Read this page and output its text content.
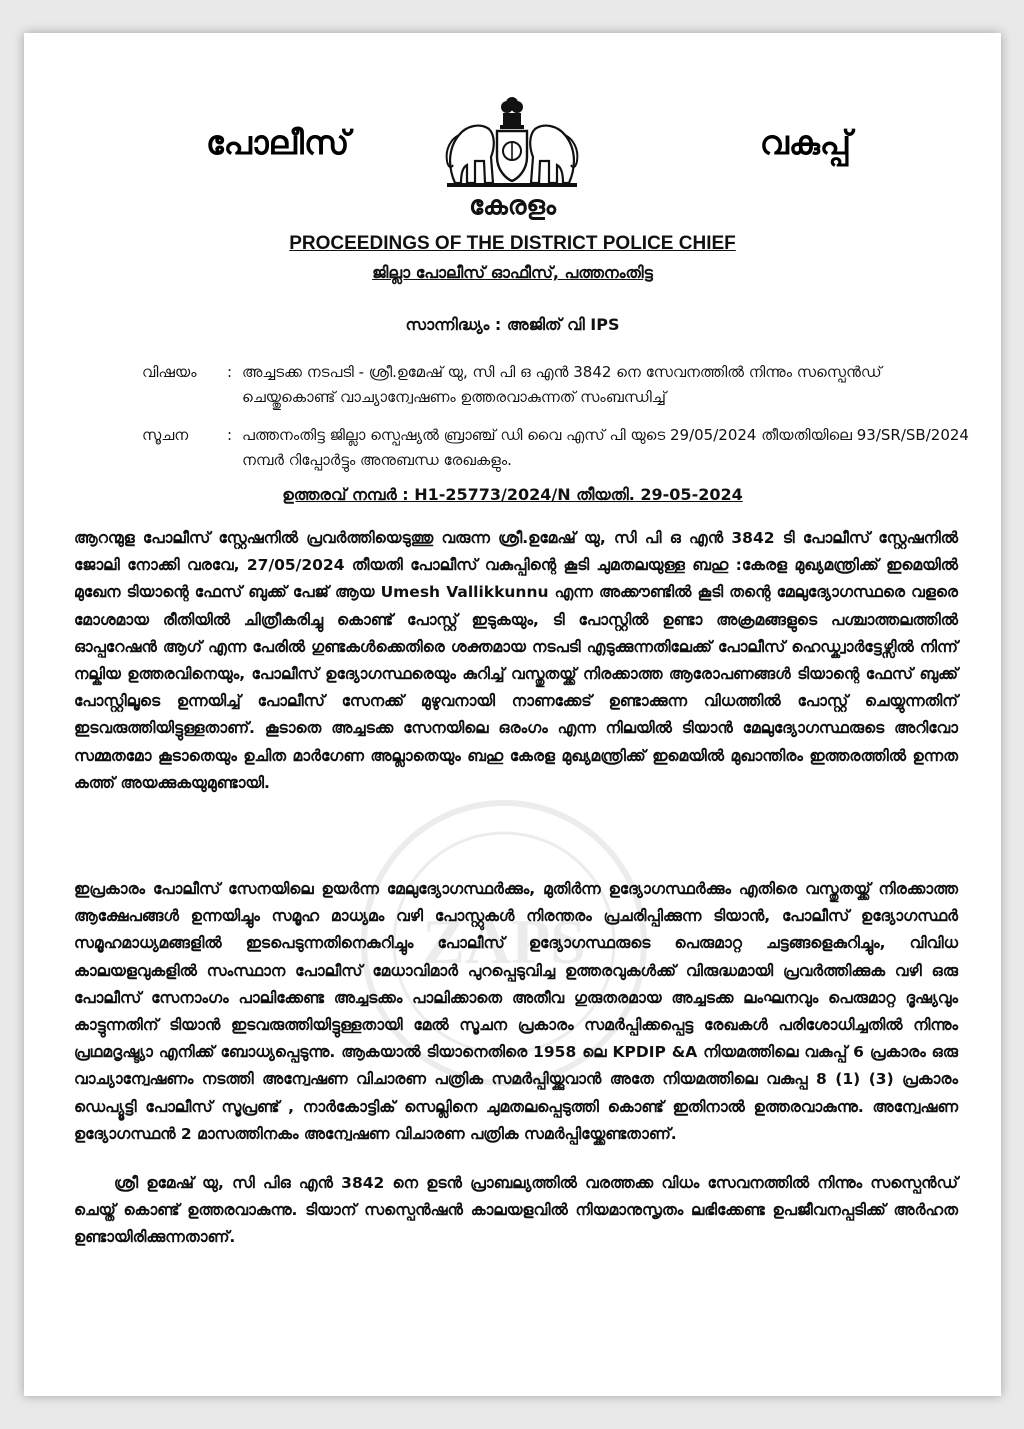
ZAPS
പോലീസ്	വകുപ്പ്
കേരളം
PROCEEDINGS OF THE DISTRICT POLICE CHIEF
ജില്ലാ പോലീസ് ഓഫീസ്, പത്തനംതിട്ട
സാന്നിദ്ധ്യം : അജിത് വി IPS
വിഷയം	: അച്ചടക്ക നടപടി - ശ്രീ.ഉമേഷ് യു, സി പി ഒ എൻ 3842 നെ സേവനത്തിൽ നിന്നും സസ്പെൻഡ് ചെയ്തുകൊണ്ട് വാച്യാന്വേഷണം ഉത്തരവാകുന്നത് സംബന്ധിച്ച്
സൂചന	: പത്തനംതിട്ട ജില്ലാ സ്പെഷ്യൽ ബ്രാഞ്ച് ഡി വൈ എസ് പി യുടെ 29/05/2024 തീയതിയിലെ 93/SR/SB/2024 നമ്പർ റിപ്പോർട്ടും അനുബന്ധ രേഖകളും.
ഉത്തരവ് നമ്പർ : H1-25773/2024/N തീയതി. 29-05-2024

ആറന്മുള പോലീസ് സ്റ്റേഷനിൽ പ്രവർത്തിയെടുത്തു വരുന്ന ശ്രീ.ഉമേഷ് യു, സി പി ഒ എൻ 3842 ടി പോലീസ് സ്റ്റേഷനിൽ ജോലി നോക്കി വരവേ, 27/05/2024 തീയതി പോലീസ് വകുപ്പിന്റെ കൂടി ചുമതലയുള്ള ബഹു :കേരള മുഖ്യമന്ത്രിക്ക് ഇമെയിൽ മുഖേന ടിയാന്റെ ഫേസ് ബുക്ക് പേജ് ആയ Umesh Vallikkunnu എന്ന അക്കൗണ്ടിൽ കൂടി തന്റെ മേലുദ്യോഗസ്ഥരെ വളരെ മോശമായ രീതിയിൽ ചിത്രീകരിച്ചു കൊണ്ട് പോസ്റ്റ് ഇടുകയും, ടി പോസ്റ്റിൽ ഉണ്ടാ അക്രമങ്ങളുടെ പശ്ചാത്തലത്തിൽ ഓപ്പറേഷൻ ആഗ് എന്ന പേരിൽ ഗുണ്ടകൾക്കെതിരെ ശക്തമായ നടപടി എടുക്കുന്നതിലേക്ക് പോലീസ് ഹെഡ്ക്വാർട്ടേഴ്സിൽ നിന്ന് നല്കിയ ഉത്തരവിനെയും, പോലീസ് ഉദ്യോഗസ്ഥരെയും കുറിച്ച് വസ്തുതയ്ക്ക് നിരക്കാത്ത ആരോപണങ്ങൾ ടിയാന്റെ ഫേസ് ബുക്ക് പോസ്റ്റിലൂടെ ഉന്നയിച്ച് പോലീസ് സേനക്ക് മുഴുവനായി നാണക്കേട് ഉണ്ടാക്കുന്ന വിധത്തിൽ പോസ്റ്റ് ചെയ്യുന്നതിന് ഇടവരുത്തിയിട്ടുള്ളതാണ്. കൂടാതെ അച്ചടക്ക സേനയിലെ ഒരംഗം എന്ന നിലയിൽ ടിയാൻ മേലുദ്യോഗസ്ഥരുടെ അറിവോ സമ്മതമോ കൂടാതെയും ഉചിത മാർഗേണ അല്ലാതെയും ബഹു കേരള മുഖ്യമന്ത്രിക്ക് ഇമെയിൽ മുഖാന്തിരം ഇത്തരത്തിൽ ഉന്നത കത്ത് അയക്കുകയുമുണ്ടായി.

ഇപ്രകാരം പോലീസ് സേനയിലെ ഉയർന്ന മേലുദ്യോഗസ്ഥർക്കും, മുതിർന്ന ഉദ്യോഗസ്ഥർക്കും എതിരെ വസ്തുതയ്ക്ക് നിരക്കാത്ത ആക്ഷേപങ്ങൾ ഉന്നയിച്ചും സമൂഹ മാധ്യമം വഴി പോസ്റ്റുകൾ നിരന്തരം പ്രചരിപ്പിക്കുന്ന ടിയാൻ, പോലീസ് ഉദ്യോഗസ്ഥർ സമൂഹമാധ്യമങ്ങളിൽ ഇടപെടുന്നതിനെകുറിച്ചും പോലീസ് ഉദ്യോഗസ്ഥരുടെ പെരുമാറ്റ ചട്ടങ്ങളെകുറിച്ചും, വിവിധ കാലയളവുകളിൽ സംസ്ഥാന പോലീസ് മേധാവിമാർ പുറപ്പെടുവിച്ച ഉത്തരവുകൾക്ക് വിരുദ്ധമായി പ്രവർത്തിക്കുക വഴി ഒരു പോലീസ് സേനാംഗം പാലിക്കേണ്ട അച്ചടക്കം പാലിക്കാതെ അതീവ ഗുരുതരമായ അച്ചടക്ക ലംഘനവും പെരുമാറ്റ ദൂഷ്യവും കാട്ടുന്നതിന് ടിയാൻ ഇടവരുത്തിയിട്ടുള്ളതായി മേൽ സൂചന പ്രകാരം സമർപ്പിക്കപ്പെട്ട രേഖകൾ പരിശോധിച്ചതിൽ നിന്നും പ്രഥമദൃഷ്ട്യാ എനിക്ക് ബോധ്യപ്പെടുന്നു. ആകയാൽ ടിയാനെതിരെ 1958 ലെ KPDIP &A നിയമത്തിലെ വകുപ്പ് 6 പ്രകാരം ഒരു വാച്യാന്വേഷണം നടത്തി അന്വേഷണ വിചാരണ പത്രിക സമർപ്പിയ്ക്കുവാൻ അതേ നിയമത്തിലെ വകുപ്പ 8 (1) (3) പ്രകാരം ഡെപ്യൂട്ടി പോലീസ് സൂപ്രണ്ട് , നാർകോട്ടിക് സെല്ലിനെ ചുമതലപ്പെടുത്തി കൊണ്ട് ഇതിനാൽ ഉത്തരവാകുന്നു. അന്വേഷണ ഉദ്യോഗസ്ഥൻ 2 മാസത്തിനകം അന്വേഷണ വിചാരണ പത്രിക സമർപ്പിയ്ക്കേണ്ടതാണ്.

ശ്രീ ഉമേഷ് യു, സി പിഒ എൻ 3842 നെ ഉടൻ പ്രാബല്യത്തിൽ വരത്തക്ക വിധം സേവനത്തിൽ നിന്നും സസ്പെൻഡ് ചെയ്ത് കൊണ്ട് ഉത്തരവാകുന്നു. ടിയാന് സസ്പെൻഷൻ കാലയളവിൽ നിയമാനുസൃതം ലഭിക്കേണ്ട ഉപജീവനപ്പടിക്ക് അർഹത ഉണ്ടായിരിക്കുന്നതാണ്.
